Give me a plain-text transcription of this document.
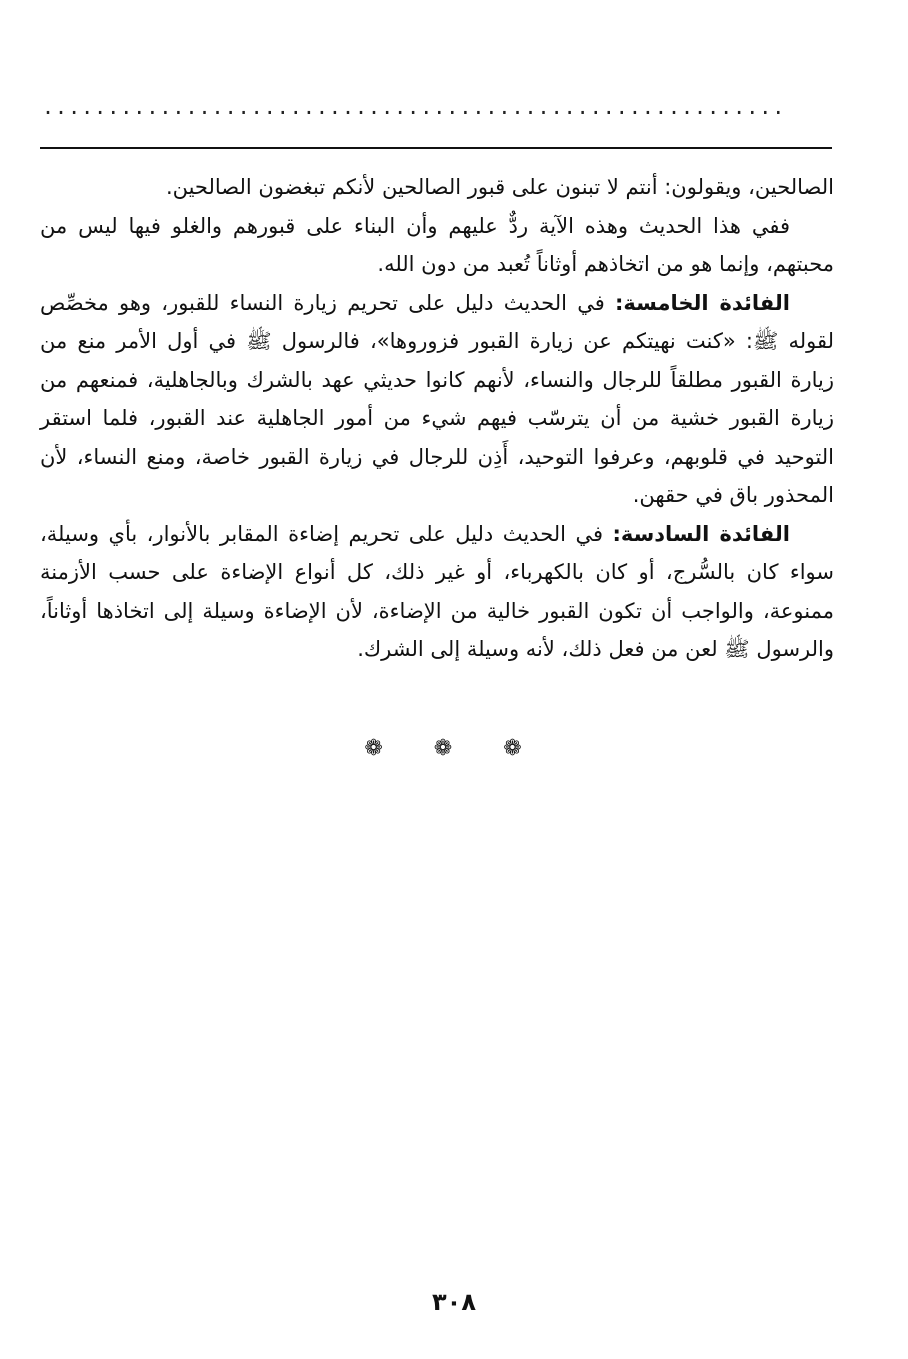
.........................................................

الصالحين، ويقولون: أنتم لا تبنون على قبور الصالحين لأنكم تبغضون الصالحين.

ففي هذا الحديث وهذه الآية ردٌّ عليهم وأن البناء على قبورهم والغلو فيها ليس من محبتهم، وإنما هو من اتخاذهم أوثاناً تُعبد من دون الله.

الفائدة الخامسة: في الحديث دليل على تحريم زيارة النساء للقبور، وهو مخصِّص لقوله ﷺ: «كنت نهيتكم عن زيارة القبور فزوروها»، فالرسول ﷺ في أول الأمر منع من زيارة القبور مطلقاً للرجال والنساء، لأنهم كانوا حديثي عهد بالشرك وبالجاهلية، فمنعهم من زيارة القبور خشية من أن يترسّب فيهم شيء من أمور الجاهلية عند القبور، فلما استقر التوحيد في قلوبهم، وعرفوا التوحيد، أَذِن للرجال في زيارة القبور خاصة، ومنع النساء، لأن المحذور باق في حقهن.

الفائدة السادسة: في الحديث دليل على تحريم إضاءة المقابر بالأنوار، بأي وسيلة، سواء كان بالسُّرج، أو كان بالكهرباء، أو غير ذلك، كل أنواع الإضاءة على حسب الأزمنة ممنوعة، والواجب أن تكون القبور خالية من الإضاءة، لأن الإضاءة وسيلة إلى اتخاذها أوثاناً، والرسول ﷺ لعن من فعل ذلك، لأنه وسيلة إلى الشرك.

❁ ❁ ❁
٣٠٨
